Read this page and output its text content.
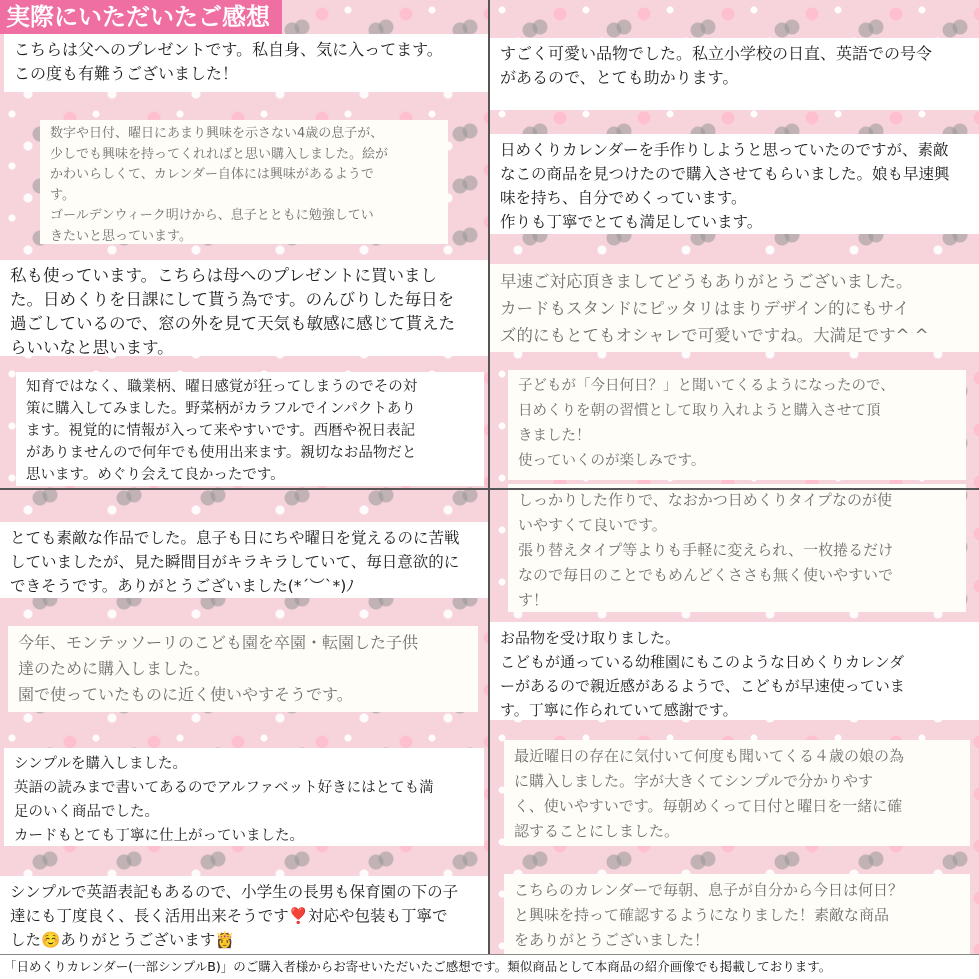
こちらは父へのプレゼントです。私自身、気に入ってます。
この度も有難うございました！

数字や日付、曜日にあまり興味を示さない4歳の息子が、
少しでも興味を持ってくれればと思い購入しました。絵が
かわいらしくて、カレンダー自体には興味があるようで
す。
ゴールデンウィーク明けから、息子とともに勉強してい
きたいと思っています。

私も使っています。こちらは母へのプレゼントに買いまし
た。日めくりを日課にして貰う為です。のんびりした毎日を
過ごしているので、窓の外を見て天気も敏感に感じて貰えた
らいいなと思います。

知育ではなく、職業柄、曜日感覚が狂ってしまうのでその対
策に購入してみました。野菜柄がカラフルでインパクトあり
ます。視覚的に情報が入って来やすいです。西暦や祝日表記
がありませんので何年でも使用出来ます。親切なお品物だと
思います。めぐり会えて良かったです。

とても素敵な作品でした。息子も日にちや曜日を覚えるのに苦戦
していましたが、見た瞬間目がキラキラしていて、毎日意欲的に
できそうです。ありがとうございました(*´︶`*)ﾉ

今年、モンテッソーリのこども園を卒園・転園した子供
達のために購入しました。
園で使っていたものに近く使いやすそうです。

シンプルを購入しました。
英語の読みまで書いてあるのでアルファベット好きにはとても満
足のいく商品でした。
カードもとても丁寧に仕上がっていました。

シンプルで英語表記もあるので、小学生の長男も保育園の下の子
達にも丁度良く、長く活用出来そうです❣️対応や包装も丁寧で
した☺️ありがとうございます👸

すごく可愛い品物でした。私立小学校の日直、英語での号令
があるので、とても助かります。

日めくりカレンダーを手作りしようと思っていたのですが、素敵
なこの商品を見つけたので購入させてもらいました。娘も早速興
味を持ち、自分でめくっています。
作りも丁寧でとても満足しています。

早速ご対応頂きましてどうもありがとうございました。
カードもスタンドにピッタリはまりデザイン的にもサイ
ズ的にもとてもオシャレで可愛いですね。大満足です^ ^

子どもが「今日何日？」と聞いてくるようになったので、
日めくりを朝の習慣として取り入れようと購入させて頂
きました！
使っていくのが楽しみです。

しっかりした作りで、なおかつ日めくりタイプなのが使
いやすくて良いです。
張り替えタイプ等よりも手軽に変えられ、一枚捲るだけ
なので毎日のことでもめんどくささも無く使いやすいで
す！

お品物を受け取りました。
こどもが通っている幼稚園にもこのような日めくりカレンダ
ーがあるので親近感があるようで、こどもが早速使っていま
す。丁寧に作られていて感謝です。

最近曜日の存在に気付いて何度も聞いてくる４歳の娘の為
に購入しました。字が大きくてシンプルで分かりやす
く、使いやすいです。毎朝めくって日付と曜日を一緒に確
認することにしました。

こちらのカレンダーで毎朝、息子が自分から今日は何日？
と興味を持って確認するようになりました！素敵な商品
をありがとうございました！

実際にいただいたご感想
「日めくりカレンダー(一部シンプルB)」のご購入者様からお寄せいただいたご感想です。類似商品として本商品の紹介画像でも掲載しております。
